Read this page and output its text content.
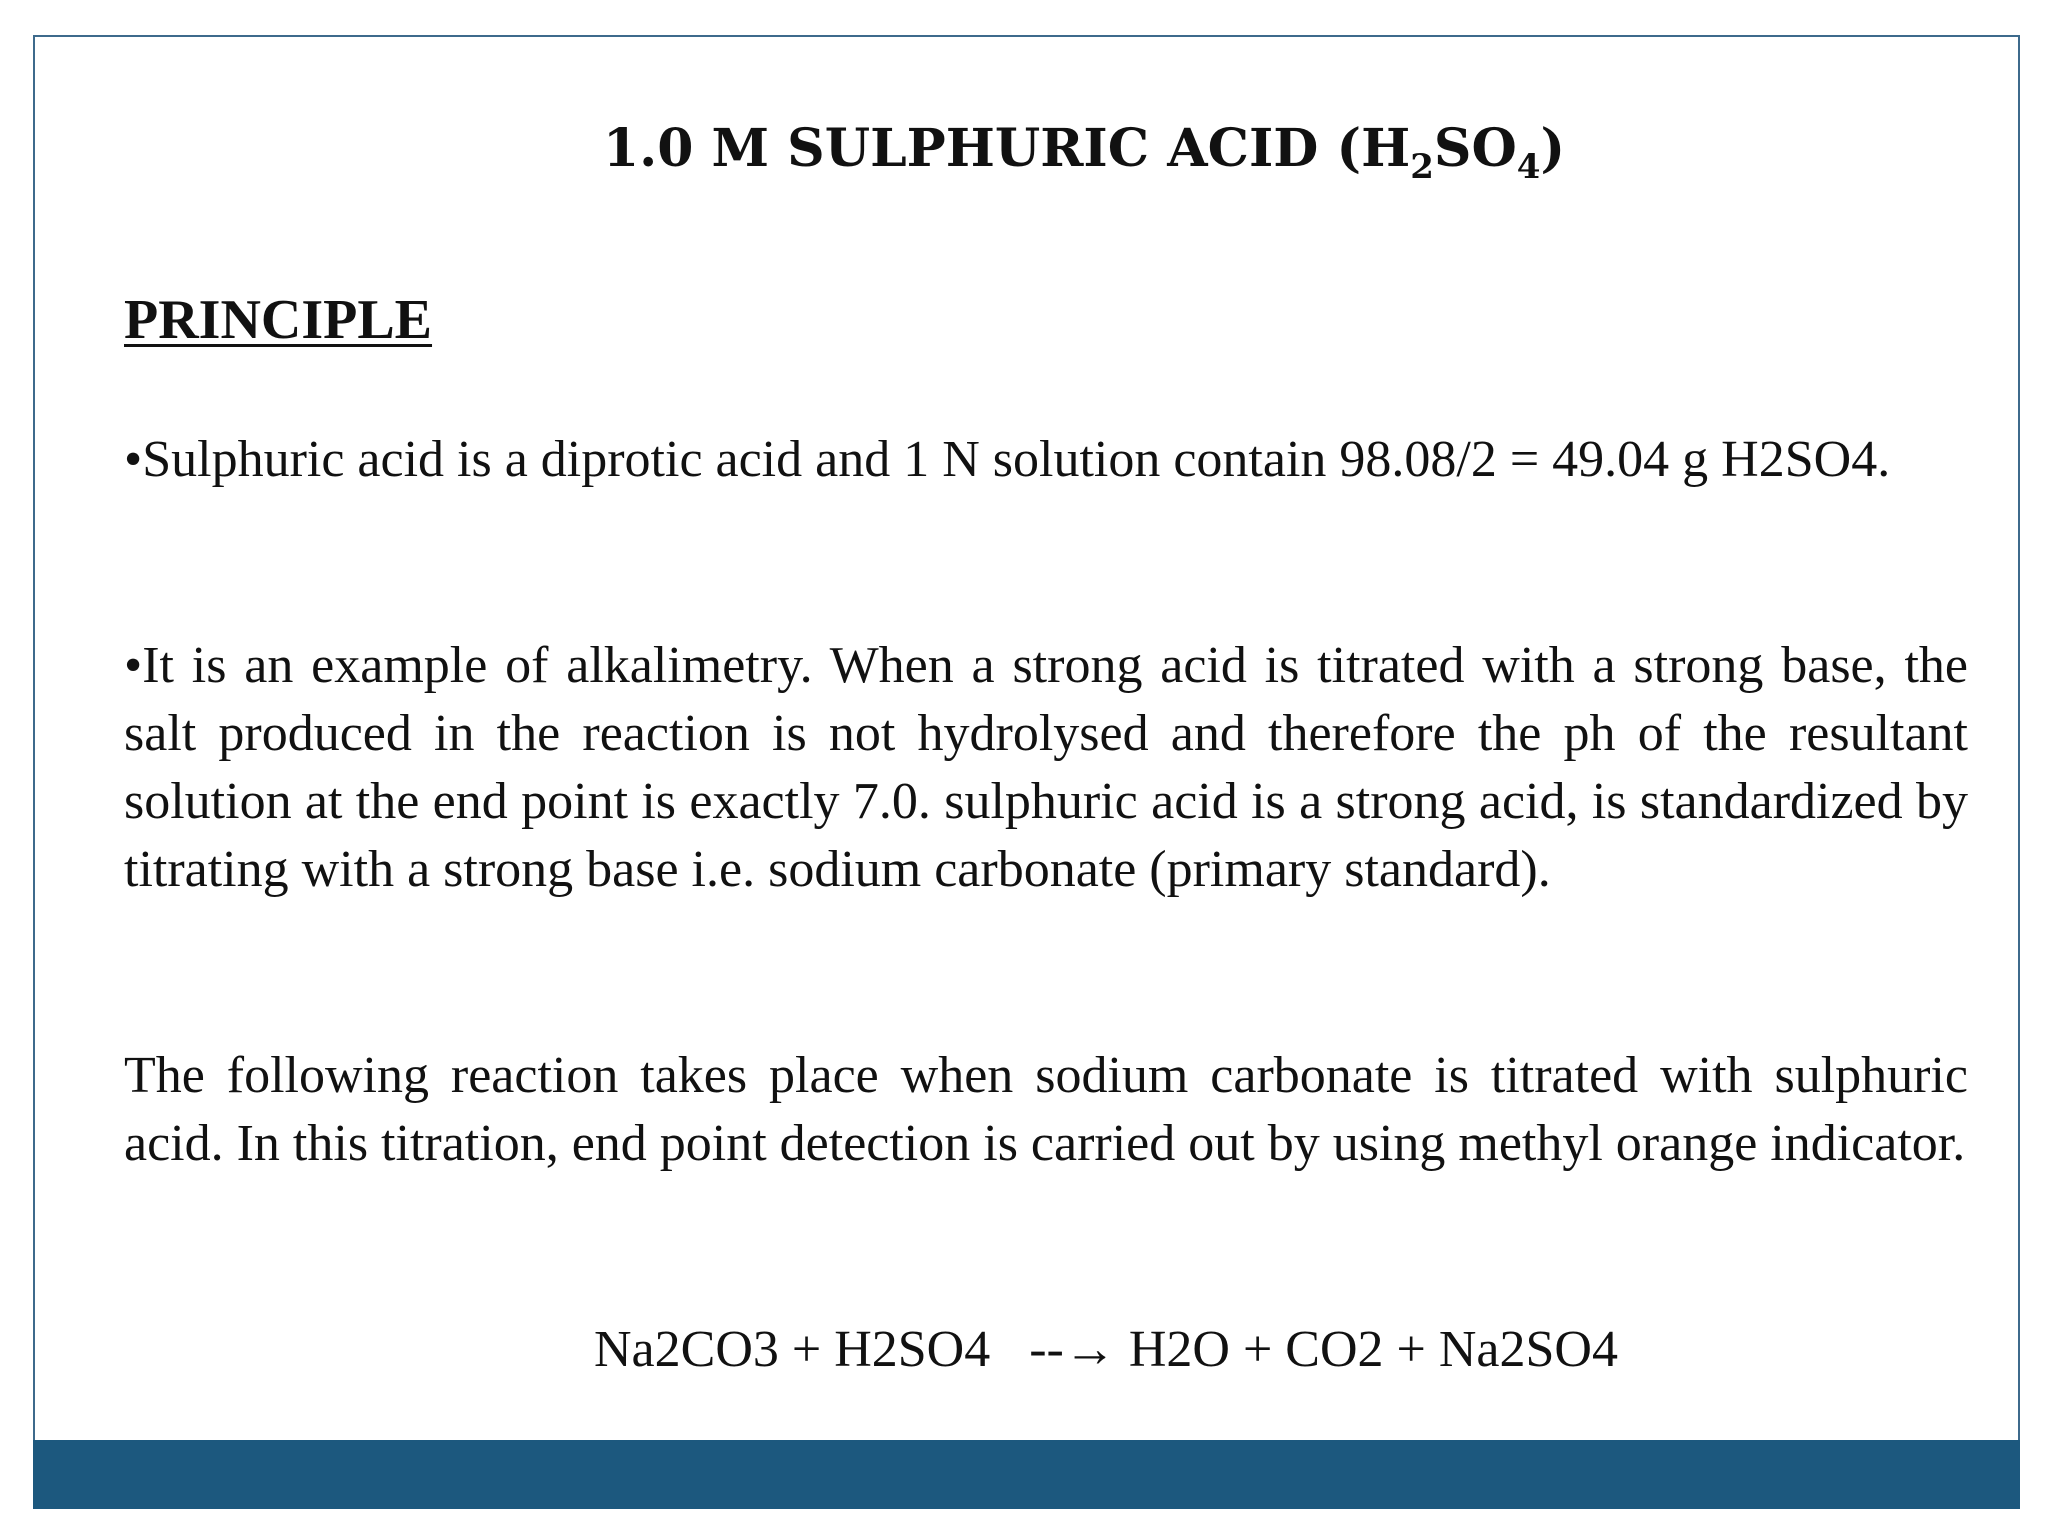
1.0 M SULPHURIC ACID $(H_2SO_4)$
PRINCIPLE

•Sulphuric acid is a diprotic acid and 1 N solution contain 98.08/2 = 49.04 g H2SO4.

•It is an example of alkalimetry. When a strong acid is titrated with a strong base, the salt produced in the reaction is not hydrolysed and therefore the ph of the resultant solution at the end point is exactly 7.0. sulphuric acid is a strong acid, is standardized by titrating with a strong base i.e. sodium carbonate (primary standard).

The following reaction takes place when sodium carbonate is titrated with sulphuric acid. In this titration, end point detection is carried out by using methyl orange indicator.

Na2CO3 + H2SO4   --→ H2O + CO2 + Na2SO4
